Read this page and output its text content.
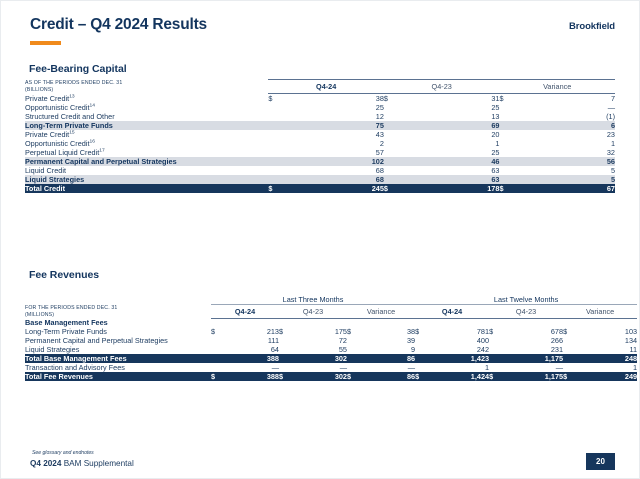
Credit – Q4 2024 Results	Brookfield
Fee-Bearing Capital
AS OF THE PERIODS ENDED DEC. 31
(BILLIONS)	Q4-24		Q4-23		Variance	

Private Credit$^{13}$	$	38	$	31	$	7
Opportunistic Credit$^{14}$		25		25		—
Structured Credit and Other		12		13		(1)
Long-Term Private Funds		75		69		6
Private Credit$^{15}$		43		20		23
Opportunistic Credit$^{16}$		2		1		1
Perpetual Liquid Credit$^{17}$		57		25		32
Permanent Capital and Perpetual Strategies		102		46		56
Liquid Credit		68		63		5
Liquid Strategies		68		63		5
Total Credit	$	245	$	178	$	67
Fee Revenues
	Last Three Months						Last Twelve Months					
FOR THE PERIODS ENDED DEC. 31
(MILLIONS)	Q4-24		Q4-23		Variance		Q4-24		Q4-23		Variance	

Base Management Fees												
Long-Term Private Funds	$	213	$	175	$	38	$	781	$	678	$	103
Permanent Capital and Perpetual Strategies		111		72		39		400		266		134
Liquid Strategies		64		55		9		242		231		11
Total Base Management Fees		388		302		86		1,423		1,175		248
Transaction and Advisory Fees		—		—		—		1		—		1
Total Fee Revenues	$	388	$	302	$	86	$	1,424	$	1,175	$	249
See glossary and endnotes
Q4 2024 BAM Supplemental	20
